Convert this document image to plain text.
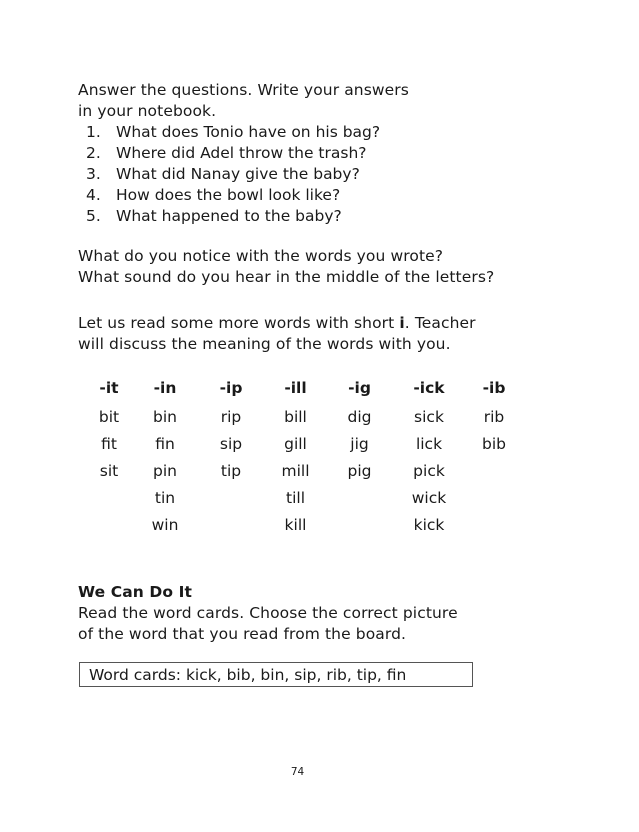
Answer the questions. Write your answers
in your notebook.
1. What does Tonio have on his bag?
2. Where did Adel throw the trash?
3. What did Nanay give the baby?
4. How does the bowl look like?
5. What happened to the baby?
What do you notice with the words you wrote?
What sound do you hear in the middle of the letters?
Let us read some more words with short i. Teacher
will discuss the meaning of the words with you.
-it	-in	-ip	-ill	-ig	-ick	-ib
bit	bin	rip	bill	dig	sick	rib
fit	fin	sip	gill	jig	lick	bib
sit	pin	tip	mill	pig	pick	
	tin		till		wick	
	win		kill		kick	
We Can Do It
Read the word cards. Choose the correct picture
of the word that you read from the board.
Word cards: kick, bib, bin, sip, rib, tip, fin
74
